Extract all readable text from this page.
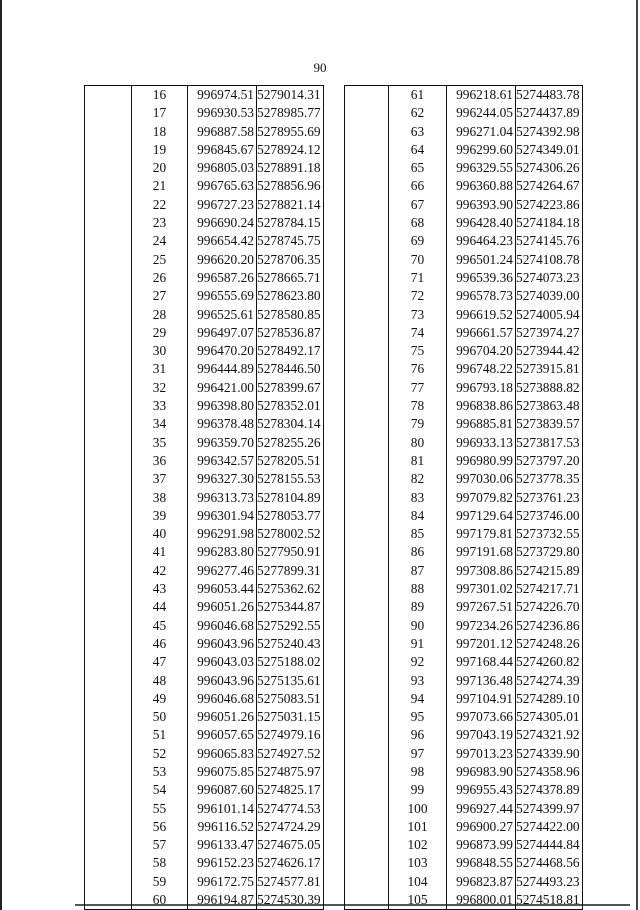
90
	16	996974.51	5279014.31
	17	996930.53	5278985.77
	18	996887.58	5278955.69
	19	996845.67	5278924.12
	20	996805.03	5278891.18
	21	996765.63	5278856.96
	22	996727.23	5278821.14
	23	996690.24	5278784.15
	24	996654.42	5278745.75
	25	996620.20	5278706.35
	26	996587.26	5278665.71
	27	996555.69	5278623.80
	28	996525.61	5278580.85
	29	996497.07	5278536.87
	30	996470.20	5278492.17
	31	996444.89	5278446.50
	32	996421.00	5278399.67
	33	996398.80	5278352.01
	34	996378.48	5278304.14
	35	996359.70	5278255.26
	36	996342.57	5278205.51
	37	996327.30	5278155.53
	38	996313.73	5278104.89
	39	996301.94	5278053.77
	40	996291.98	5278002.52
	41	996283.80	5277950.91
	42	996277.46	5277899.31
	43	996053.44	5275362.62
	44	996051.26	5275344.87
	45	996046.68	5275292.55
	46	996043.96	5275240.43
	47	996043.03	5275188.02
	48	996043.96	5275135.61
	49	996046.68	5275083.51
	50	996051.26	5275031.15
	51	996057.65	5274979.16
	52	996065.83	5274927.52
	53	996075.85	5274875.97
	54	996087.60	5274825.17
	55	996101.14	5274774.53
	56	996116.52	5274724.29
	57	996133.47	5274675.05
	58	996152.23	5274626.17
	59	996172.75	5274577.81
	60	996194.87	5274530.39
	61	996218.61	5274483.78
	62	996244.05	5274437.89
	63	996271.04	5274392.98
	64	996299.60	5274349.01
	65	996329.55	5274306.26
	66	996360.88	5274264.67
	67	996393.90	5274223.86
	68	996428.40	5274184.18
	69	996464.23	5274145.76
	70	996501.24	5274108.78
	71	996539.36	5274073.23
	72	996578.73	5274039.00
	73	996619.52	5274005.94
	74	996661.57	5273974.27
	75	996704.20	5273944.42
	76	996748.22	5273915.81
	77	996793.18	5273888.82
	78	996838.86	5273863.48
	79	996885.81	5273839.57
	80	996933.13	5273817.53
	81	996980.99	5273797.20
	82	997030.06	5273778.35
	83	997079.82	5273761.23
	84	997129.64	5273746.00
	85	997179.81	5273732.55
	86	997191.68	5273729.80
	87	997308.86	5274215.89
	88	997301.02	5274217.71
	89	997267.51	5274226.70
	90	997234.26	5274236.86
	91	997201.12	5274248.26
	92	997168.44	5274260.82
	93	997136.48	5274274.39
	94	997104.91	5274289.10
	95	997073.66	5274305.01
	96	997043.19	5274321.92
	97	997013.23	5274339.90
	98	996983.90	5274358.96
	99	996955.43	5274378.89
	100	996927.44	5274399.97
	101	996900.27	5274422.00
	102	996873.99	5274444.84
	103	996848.55	5274468.56
	104	996823.87	5274493.23
	105	996800.01	5274518.81
